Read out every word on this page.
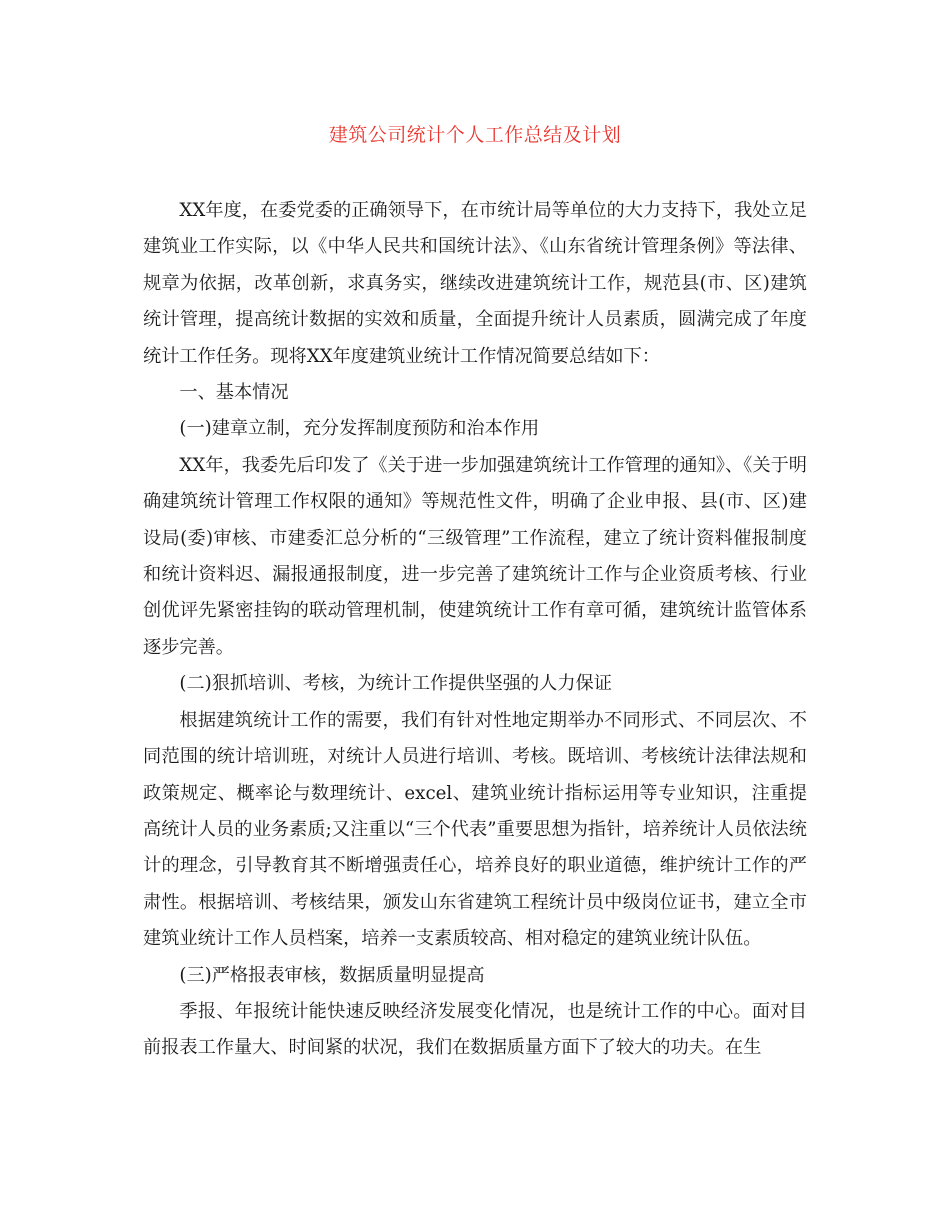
建筑公司统计个人工作总结及计划

XX年度，在委党委的正确领导下，在市统计局等单位的大力支持下，我处立足建筑业工作实际，以《中华人民共和国统计法》、《山东省统计管理条例》等法律、规章为依据，改革创新，求真务实，继续改进建筑统计工作，规范县(市、区)建筑统计管理，提高统计数据的实效和质量，全面提升统计人员素质，圆满完成了年度统计工作任务。现将XX年度建筑业统计工作情况简要总结如下：

一、基本情况

(一)建章立制，充分发挥制度预防和治本作用

XX年，我委先后印发了《关于进一步加强建筑统计工作管理的通知》、《关于明确建筑统计管理工作权限的通知》等规范性文件，明确了企业申报、县(市、区)建设局(委)审核、市建委汇总分析的“三级管理”工作流程，建立了统计资料催报制度和统计资料迟、漏报通报制度，进一步完善了建筑统计工作与企业资质考核、行业创优评先紧密挂钩的联动管理机制，使建筑统计工作有章可循，建筑统计监管体系逐步完善。

(二)狠抓培训、考核，为统计工作提供坚强的人力保证

根据建筑统计工作的需要，我们有针对性地定期举办不同形式、不同层次、不同范围的统计培训班，对统计人员进行培训、考核。既培训、考核统计法律法规和政策规定、概率论与数理统计、excel、建筑业统计指标运用等专业知识，注重提高统计人员的业务素质;又注重以“三个代表”重要思想为指针，培养统计人员依法统计的理念，引导教育其不断增强责任心，培养良好的职业道德，维护统计工作的严肃性。根据培训、考核结果，颁发山东省建筑工程统计员中级岗位证书，建立全市建筑业统计工作人员档案，培养一支素质较高、相对稳定的建筑业统计队伍。

(三)严格报表审核，数据质量明显提高

季报、年报统计能快速反映经济发展变化情况，也是统计工作的中心。面对目前报表工作量大、时间紧的状况，我们在数据质量方面下了较大的功夫。在生
